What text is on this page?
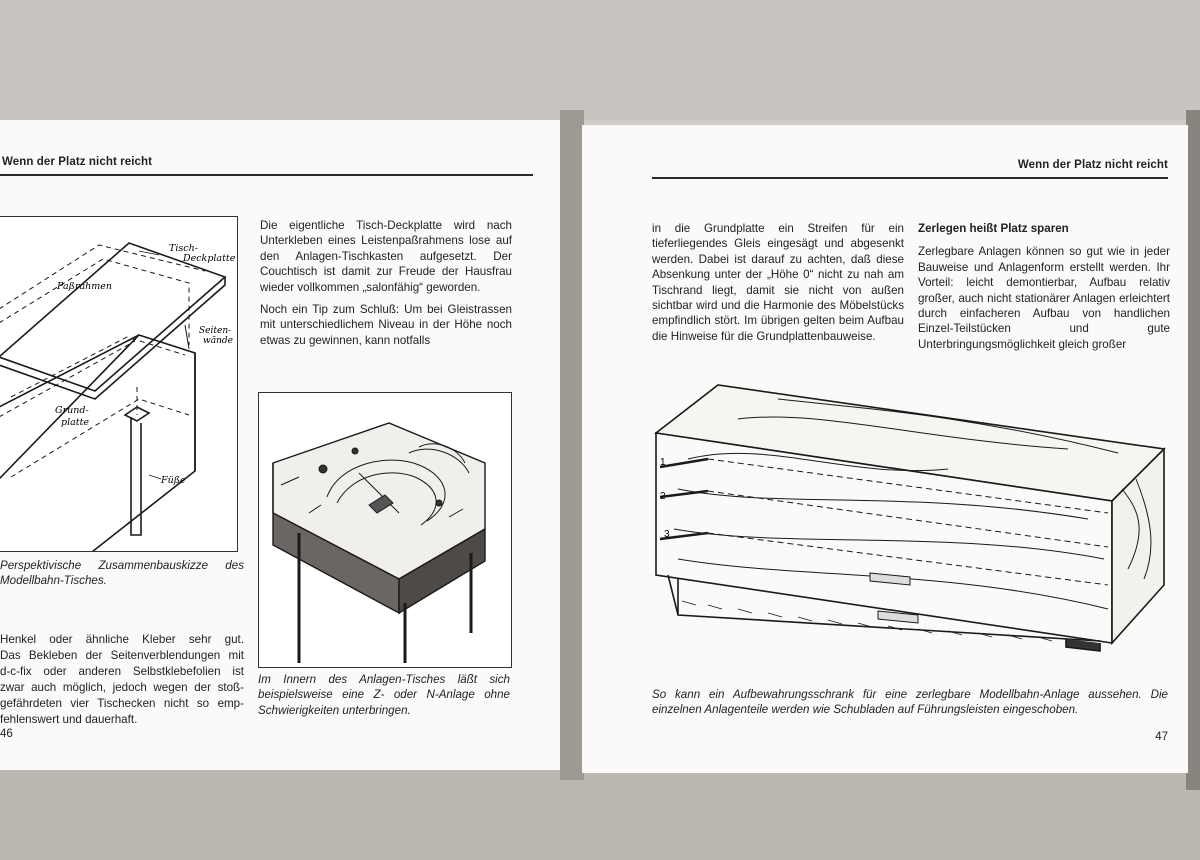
Wenn der Platz nicht reicht
Tisch-
Deckplatte
Paßrahmen
Seiten-
wände
Grund-
platte
Füße
Perspektivische Zusammenbauskizze des
Modellbahn-Tisches.
Henkel oder ähnliche Kleber sehr gut.
Das Bekleben der Seitenverblendungen mit
d-c-fix oder anderen Selbstklebefolien ist
zwar auch möglich, jedoch wegen der stoß-
gefährdeten vier Tischecken nicht so emp-
fehlenswert und dauerhaft.

Die eigentliche Tisch-Deckplatte wird nach Unterkleben eines Leistenpaßrahmens lose auf den Anlagen-Tischkasten aufgesetzt. Der Couchtisch ist damit zur Freude der Hausfrau wieder vollkommen „salonfähig“ geworden.

Noch ein Tip zum Schluß: Um bei Gleistrassen mit unterschiedlichem Niveau in der Höhe noch etwas zu gewinnen, kann notfalls

Im Innern des Anlagen-Tisches läßt sich beispielsweise eine Z- oder N-Anlage ohne Schwierigkeiten unterbringen.
46
Wenn der Platz nicht reicht

in die Grundplatte ein Streifen für ein tieferliegendes Gleis eingesägt und abgesenkt werden. Dabei ist darauf zu achten, daß diese Absenkung unter der „Höhe 0“ nicht zu nah am Tischrand liegt, damit sie nicht von außen sichtbar wird und die Harmonie des Möbelstücks empfindlich stört. Im übrigen gelten beim Aufbau die Hinweise für die Grundplattenbauweise.

Zerlegen heißt Platz sparen

Zerlegbare Anlagen können so gut wie in jeder Bauweise und Anlagenform erstellt werden. Ihr Vorteil: leicht demontierbar, Aufbau relativ großer, auch nicht stationärer Anlagen erleichtert durch einfacheren Aufbau von handlichen Einzel-Teilstücken und gute Unterbringungsmöglichkeit gleich großer

1
2
3
So kann ein Aufbewahrungsschrank für eine zerlegbare Modellbahn-Anlage aussehen. Die
einzelnen Anlagenteile werden wie Schubladen auf Führungsleisten eingeschoben.
47
